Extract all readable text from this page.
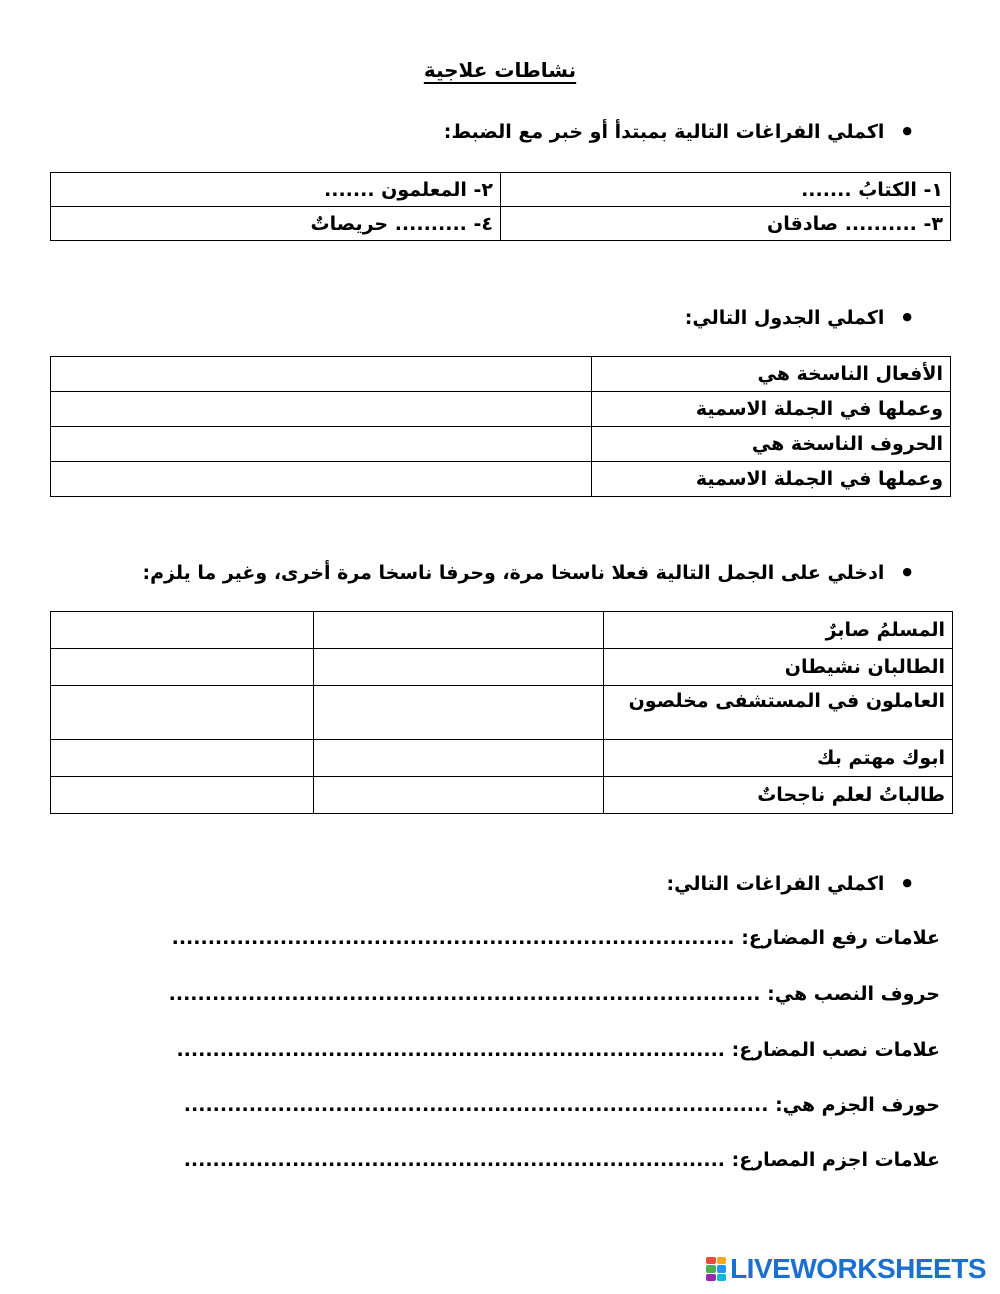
نشاطات علاجية
● اكملي الفراغات التالية بمبتدأ أو خبر مع الضبط:
١- الكتابُ .......	٢- المعلمون .......
٣- .......... صادقان	٤- .......... حريصاتٌ
● اكملي الجدول التالي:
الأفعال الناسخة هي	
وعملها في الجملة الاسمية	
الحروف الناسخة هي	
وعملها في الجملة الاسمية	
● ادخلي على الجمل التالية فعلا ناسخا مرة، وحرفا ناسخا مرة أخرى، وغير ما يلزم:
المسلمُ صابرٌ		
الطالبان نشيطان		
العاملون في المستشفى مخلصون		
ابوك مهتم بك		
طالباتُ لعلم ناجحاتٌ		
● اكملي الفراغات التالي:
علامات رفع المضارع: ..............................................................................
حروف النصب هي: ..................................................................................
علامات نصب المضارع: ............................................................................
حورف الجزم هي: .................................................................................
علامات اجزم المصارع: ...........................................................................
LIVEWORKSHEETS
